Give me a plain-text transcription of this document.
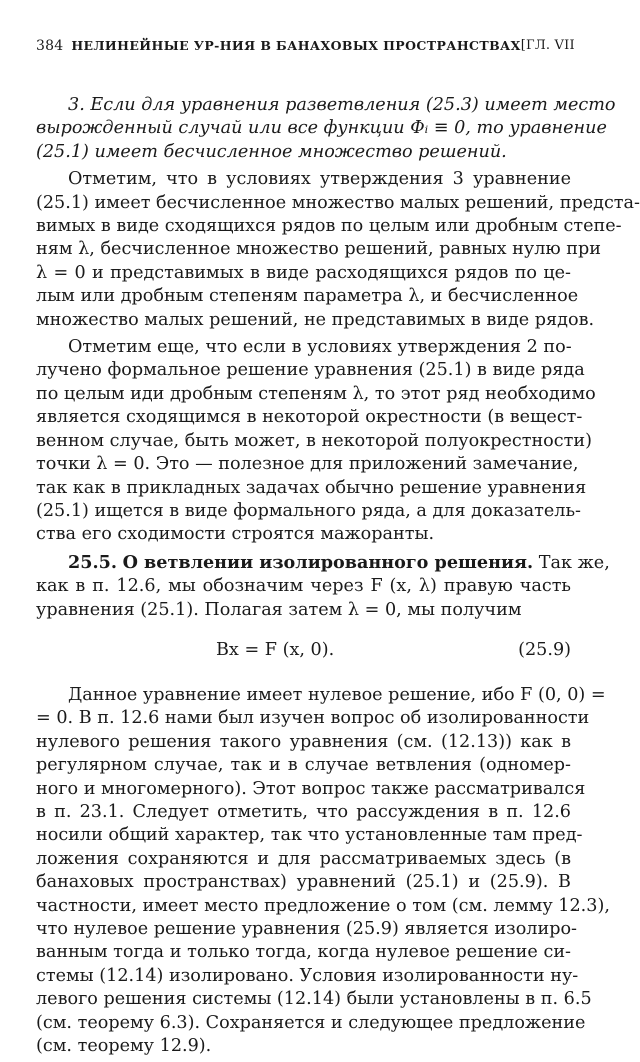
384 НЕЛИНЕЙНЫЕ УР-НИЯ В БАНАХОВЫХ ПРОСТРАНСТВАХ [ГЛ. VII
3. Если для уравнения разветвления (25.3) имеет место
вырожденный случай или все функции Φᵢ ≡ 0, то уравнение
(25.1) имеет бесчисленное множество решений.
Отметим, что в условиях утверждения 3 уравнение
(25.1) имеет бесчисленное множество малых решений, предста-
вимых в виде сходящихся рядов по целым или дробным степе-
ням λ, бесчисленное множество решений, равных нулю при
λ = 0 и представимых в виде расходящихся рядов по це-
лым или дробным степеням параметра λ, и бесчисленное
множество малых решений, не представимых в виде рядов.
Отметим еще, что если в условиях утверждения 2 по-
лучено формальное решение уравнения (25.1) в виде ряда
по целым иди дробным степеням λ, то этот ряд необходимо
является сходящимся в некоторой окрестности (в вещест-
венном случае, быть может, в некоторой полуокрестности)
точки λ = 0. Это — полезное для приложений замечание,
так как в прикладных задачах обычно решение уравнения
(25.1) ищется в виде формального ряда, а для доказатель-
ства его сходимости строятся мажоранты.
25.5. О ветвлении изолированного решения. Так же,
как в п. 12.6, мы обозначим через F (x, λ) правую часть
уравнения (25.1). Полагая затем λ = 0, мы получим
Bx = F (x, 0).	(25.9)
Данное уравнение имеет нулевое решение, ибо F (0, 0) =
= 0. В п. 12.6 нами был изучен вопрос об изолированности
нулевого решения такого уравнения (см. (12.13)) как в
регулярном случае, так и в случае ветвления (одномер-
ного и многомерного). Этот вопрос также рассматривался
в п. 23.1. Следует отметить, что рассуждения в п. 12.6
носили общий характер, так что установленные там пред-
ложения сохраняются и для рассматриваемых здесь (в
банаховых пространствах) уравнений (25.1) и (25.9). В
частности, имеет место предложение о том (см. лемму 12.3),
что нулевое решение уравнения (25.9) является изолиро-
ванным тогда и только тогда, когда нулевое решение си-
стемы (12.14) изолировано. Условия изолированности ну-
левого решения системы (12.14) были установлены в п. 6.5
(см. теорему 6.3). Сохраняется и следующее предложение
(см. теорему 12.9).
